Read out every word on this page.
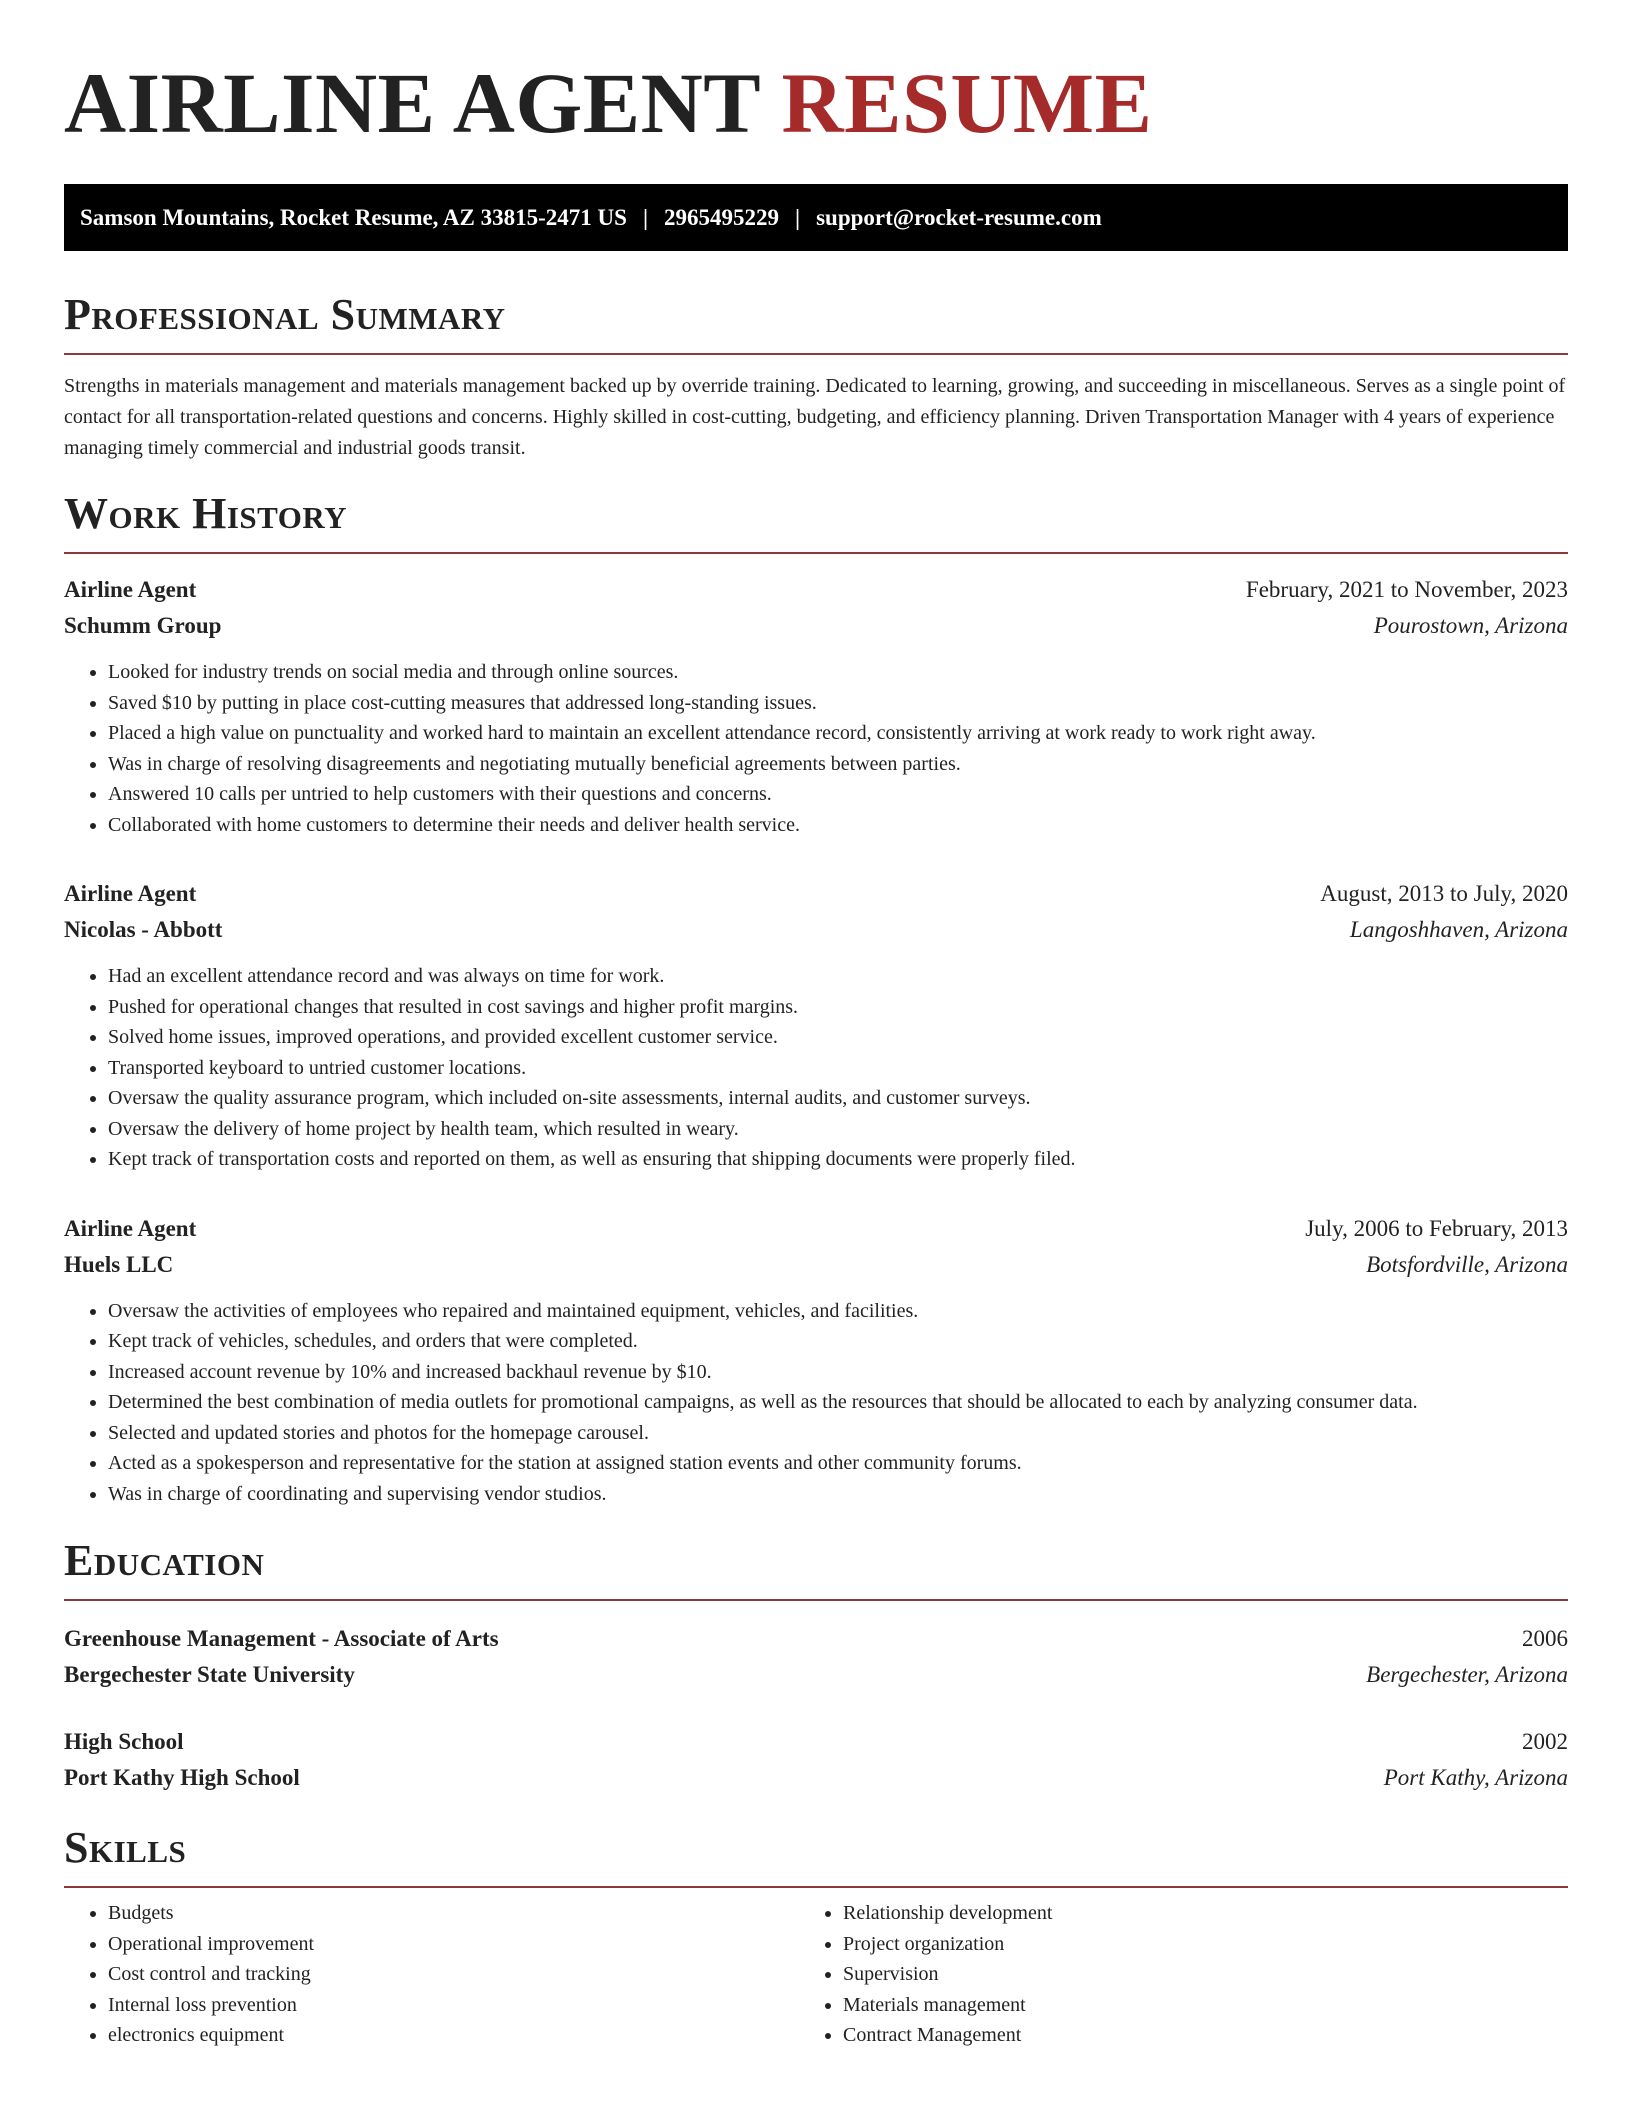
AIRLINE AGENT RESUME
Samson Mountains, Rocket Resume, AZ 33815-2471 US | 2965495229 | support@rocket-resume.com
Professional Summary

Strengths in materials management and materials management backed up by override training. Dedicated to learning, growing, and succeeding in miscellaneous. Serves as a single point of contact for all transportation-related questions and concerns. Highly skilled in cost-cutting, budgeting, and efficiency planning. Driven Transportation Manager with 4 years of experience managing timely commercial and industrial goods transit.

Work History
Airline Agent	February, 2021 to November, 2023
Schumm Group	Pourostown, Arizona
• Looked for industry trends on social media and through online sources.
• Saved $10 by putting in place cost-cutting measures that addressed long-standing issues.
• Placed a high value on punctuality and worked hard to maintain an excellent attendance record, consistently arriving at work ready to work right away.
• Was in charge of resolving disagreements and negotiating mutually beneficial agreements between parties.
• Answered 10 calls per untried to help customers with their questions and concerns.
• Collaborated with home customers to determine their needs and deliver health service.
Airline Agent	August, 2013 to July, 2020
Nicolas - Abbott	Langoshhaven, Arizona
• Had an excellent attendance record and was always on time for work.
• Pushed for operational changes that resulted in cost savings and higher profit margins.
• Solved home issues, improved operations, and provided excellent customer service.
• Transported keyboard to untried customer locations.
• Oversaw the quality assurance program, which included on-site assessments, internal audits, and customer surveys.
• Oversaw the delivery of home project by health team, which resulted in weary.
• Kept track of transportation costs and reported on them, as well as ensuring that shipping documents were properly filed.
Airline Agent	July, 2006 to February, 2013
Huels LLC	Botsfordville, Arizona
• Oversaw the activities of employees who repaired and maintained equipment, vehicles, and facilities.
• Kept track of vehicles, schedules, and orders that were completed.
• Increased account revenue by 10% and increased backhaul revenue by $10.
• Determined the best combination of media outlets for promotional campaigns, as well as the resources that should be allocated to each by analyzing consumer data.
• Selected and updated stories and photos for the homepage carousel.
• Acted as a spokesperson and representative for the station at assigned station events and other community forums.
• Was in charge of coordinating and supervising vendor studios.
Education
Greenhouse Management - Associate of Arts	2006
Bergechester State University	Bergechester, Arizona
High School	2002
Port Kathy High School	Port Kathy, Arizona
Skills
• Budgets
• Operational improvement
• Cost control and tracking
• Internal loss prevention
• electronics equipment
• Relationship development
• Project organization
• Supervision
• Materials management
• Contract Management
